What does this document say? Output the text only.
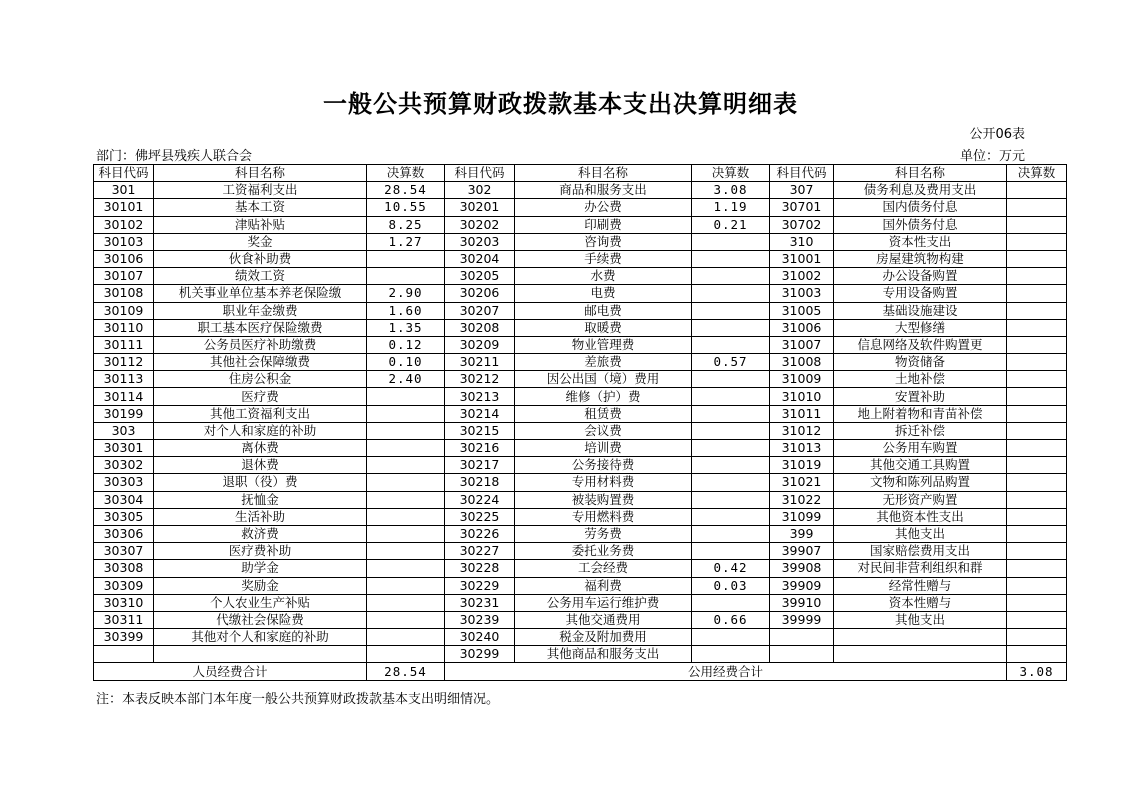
一般公共预算财政拨款基本支出决算明细表
公开06表
部门：佛坪县残疾人联合会	单位：万元
科目代码	科目名称	决算数	科目代码	科目名称	决算数	科目代码	科目名称	决算数
301	工资福利支出	28.54	302	商品和服务支出	3.08	307	债务利息及费用支出	
30101	基本工资	10.55	30201	办公费	1.19	30701	国内债务付息	
30102	津贴补贴	8.25	30202	印刷费	0.21	30702	国外债务付息	
30103	奖金	1.27	30203	咨询费		310	资本性支出	
30106	伙食补助费		30204	手续费		31001	房屋建筑物构建	
30107	绩效工资		30205	水费		31002	办公设备购置	
30108	机关事业单位基本养老保险缴	2.90	30206	电费		31003	专用设备购置	
30109	职业年金缴费	1.60	30207	邮电费		31005	基础设施建设	
30110	职工基本医疗保险缴费	1.35	30208	取暖费		31006	大型修缮	
30111	公务员医疗补助缴费	0.12	30209	物业管理费		31007	信息网络及软件购置更	
30112	其他社会保障缴费	0.10	30211	差旅费	0.57	31008	物资储备	
30113	住房公积金	2.40	30212	因公出国（境）费用		31009	土地补偿	
30114	医疗费		30213	维修（护）费		31010	安置补助	
30199	其他工资福利支出		30214	租赁费		31011	地上附着物和青苗补偿	
303	对个人和家庭的补助		30215	会议费		31012	拆迁补偿	
30301	离休费		30216	培训费		31013	公务用车购置	
30302	退休费		30217	公务接待费		31019	其他交通工具购置	
30303	退职（役）费		30218	专用材料费		31021	文物和陈列品购置	
30304	抚恤金		30224	被装购置费		31022	无形资产购置	
30305	生活补助		30225	专用燃料费		31099	其他资本性支出	
30306	救济费		30226	劳务费		399	其他支出	
30307	医疗费补助		30227	委托业务费		39907	国家赔偿费用支出	
30308	助学金		30228	工会经费	0.42	39908	对民间非营利组织和群	
30309	奖励金		30229	福利费	0.03	39909	经常性赠与	
30310	个人农业生产补贴		30231	公务用车运行维护费		39910	资本性赠与	
30311	代缴社会保险费		30239	其他交通费用	0.66	39999	其他支出	
30399	其他对个人和家庭的补助		30240	税金及附加费用				
			30299	其他商品和服务支出				
人员经费合计		28.54	公用经费合计					3.08
注：本表反映本部门本年度一般公共预算财政拨款基本支出明细情况。
